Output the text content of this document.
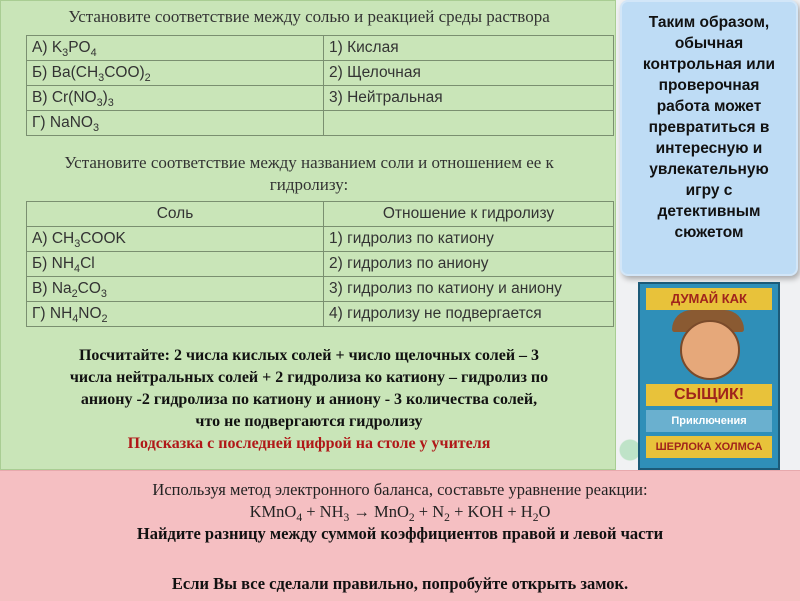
Установите соответствие между солью и реакцией среды раствора
А) $K_3PO_4$	1) Кислая
Б) $Ba(CH_3COO)_2$	2) Щелочная
В) $Cr(NO_3)_3$	3) Нейтральная
Г) NaNO$_3$	
Установите соответствие между названием соли и отношением ее к
гидролизу:
Соль	Отношение к гидролизу
А) $CH_3COOK$	1) гидролиз по катиону
Б) $NH_4Cl$	2) гидролиз по аниону
В) $Na_2CO_3$	3) гидролиз по катиону и аниону
Г) $NH_4NO_2$	4) гидролизу не подвергается
Посчитайте: 2 числа кислых солей + число щелочных солей – 3
числа нейтральных солей + 2 гидролиза ко катиону – гидролиз по
аниону -2 гидролиза по катиону и аниону - 3 количества солей,
что не подвергаются гидролизу
Подсказка с последней цифрой на столе у учителя
Таким образом,
обычная
контрольная или
проверочная
работа может
превратиться в
интересную и
увлекательную
игру с
детективным
сюжетом
ДУМАЙ КАК
СЫЩИК!
Приключения
ШЕРЛОКА ХОЛМСА
Используя метод электронного баланса, составьте уравнение реакции:
KMnO$_4$ + $NH_3 \to MnO_2 + N_2$ + KOH + $H_2O$
Найдите разницу между суммой коэффициентов правой и левой части
Если Вы все сделали правильно, попробуйте открыть замок.
